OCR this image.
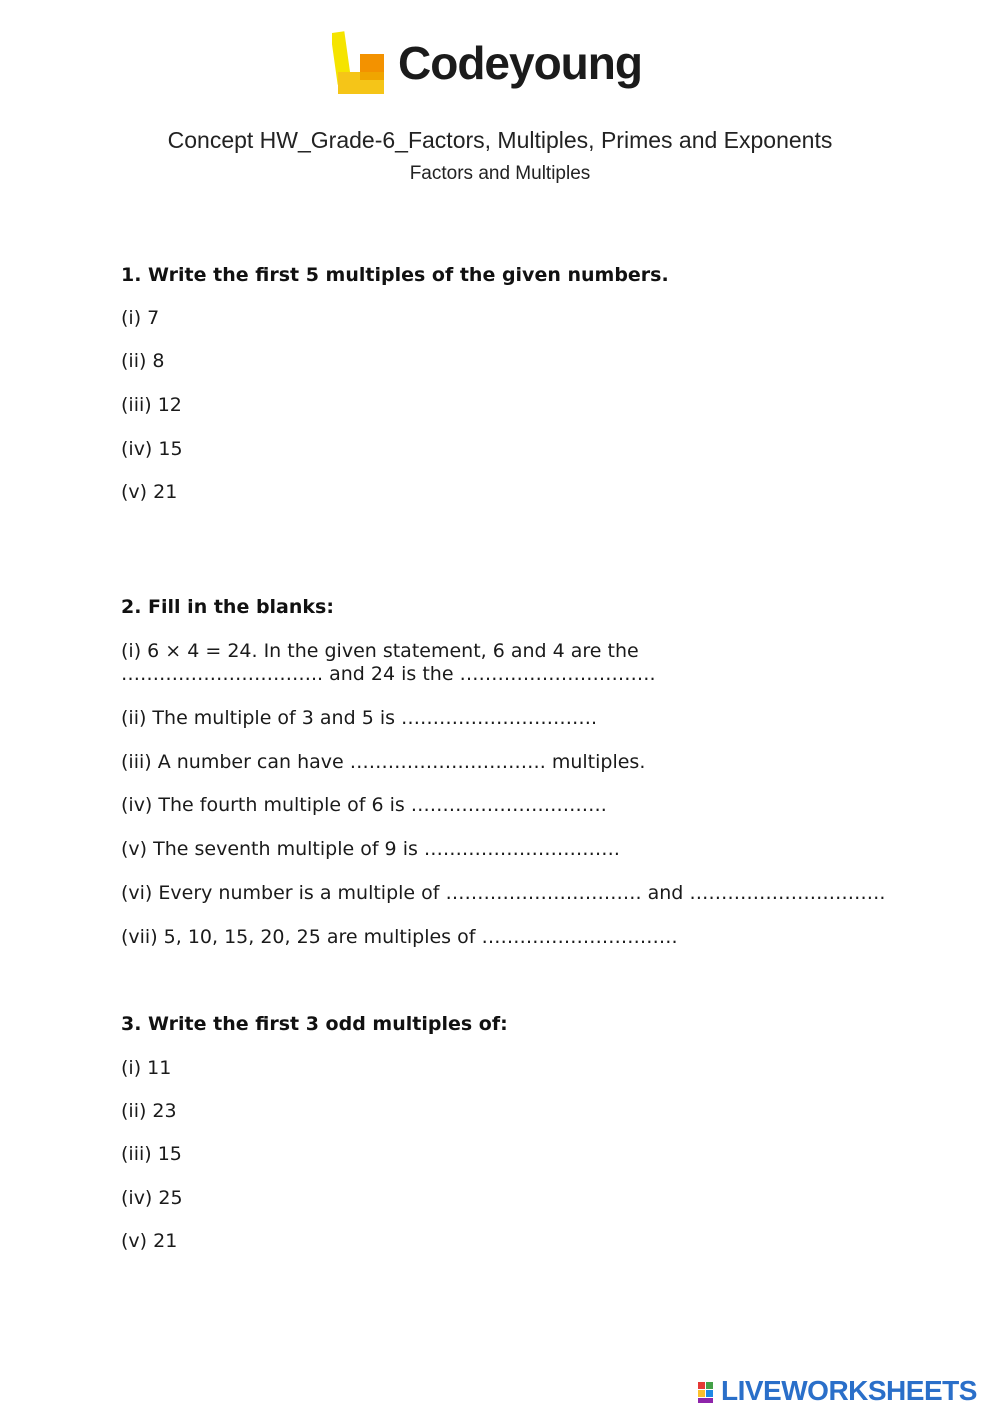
Codeyoung
Concept HW_Grade-6_Factors, Multiples, Primes and Exponents
Factors and Multiples
1. Write the first 5 multiples of the given numbers.
(i) 7
(ii) 8
(iii) 12
(iv) 15
(v) 21
2. Fill in the blanks:
(i) 6 × 4 = 24. In the given statement, 6 and 4 are the ………………………….. and 24 is the ………………………….
(ii) The multiple of 3 and 5 is ………………………….
(iii) A number can have …………………………. multiples.
(iv) The fourth multiple of 6 is ………………………….
(v) The seventh multiple of 9 is ………………………….
(vi) Every number is a multiple of …………………………. and ………………………….
(vii) 5, 10, 15, 20, 25 are multiples of ………………………….
3. Write the first 3 odd multiples of:
(i) 11
(ii) 23
(iii) 15
(iv) 25
(v) 21
LIVEWORKSHEETS
